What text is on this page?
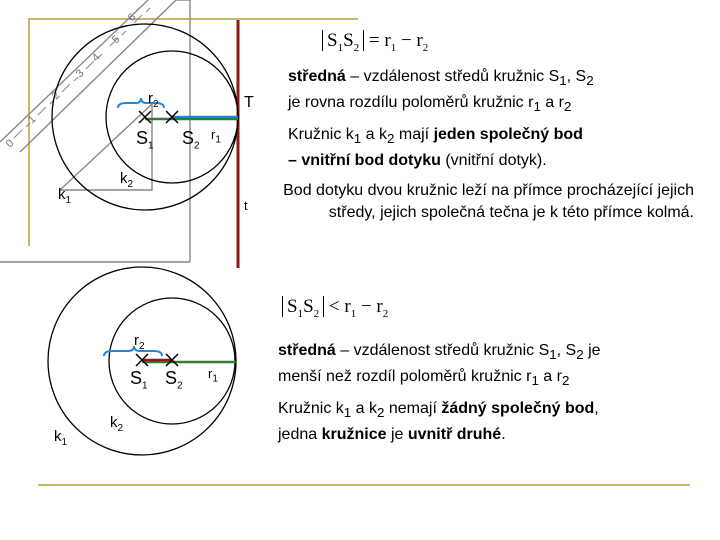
0
1
2
3
4
5
6
$r_2$
$S_1$ $S_2$
$r_1$
$k_2$
$k_1$
T
t
$r_2$
$S_1$ $S_2$
$r_1$
$k_2$
$k_1$
$S_1S_2 = r_1 - r_2$
$S_1S_2 < r_1 - r_2$
středná – vzdálenost středů kružnic $S_1$, $S_2$
je rovna rozdílu poloměrů kružnic $r_1$ a $r_2$
Kružnic $k_1$ a $k_2$ mají jeden společný bod
– vnitřní bod dotyku (vnitřní dotyk).
Bod dotyku dvou kružnic leží na přímce procházející jejich středy, jejich společná tečna je k této přímce kolmá.
středná – vzdálenost středů kružnic $S_1$, $S_2$ je
menší než rozdíl poloměrů kružnic $r_1$ a $r_2$
Kružnic $k_1$ a $k_2$ nemají žádný společný bod,
jedna kružnice je uvnitř druhé.
